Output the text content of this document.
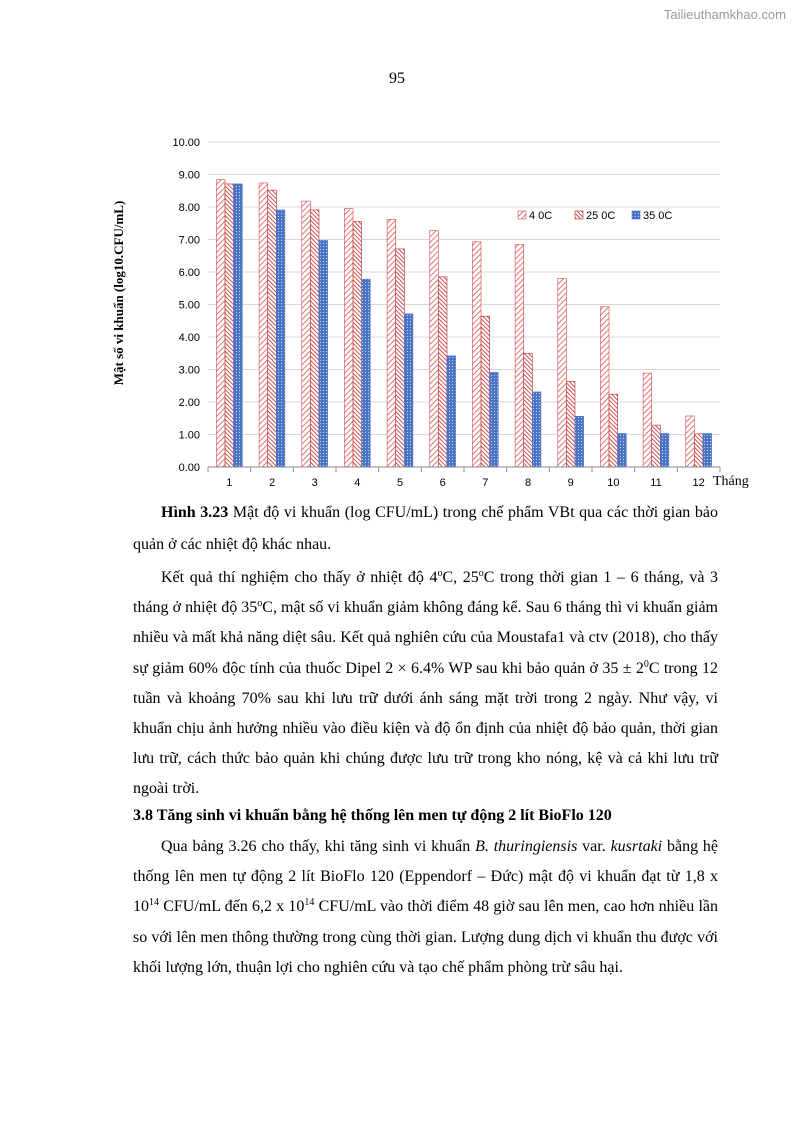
Tailieuthamkhao.com
95
0.00
1.00
2.00
3.00
4.00
5.00
6.00
7.00
8.00
9.00
10.00
1	2	3	4	5	6	7	8	9	10	11	12
Mật số vi khuẩn (log10.CFU/mL)
Tháng
4 0C	25 0C	35 0C
Hình 3.23 Mật độ vi khuẩn (log CFU/mL) trong chế phẩm VBt qua các thời gian bảo quản ở các nhiệt độ khác nhau.

Kết quả thí nghiệm cho thấy ở nhiệt độ 4$^o$C, 25$^o$C trong thời gian 1 – 6 tháng, và 3 tháng ở nhiệt độ 35$^o$C, mật số vi khuẩn giảm không đáng kể. Sau 6 tháng thì vi khuẩn giảm nhiều và mất khả năng diệt sâu. Kết quả nghiên cứu của Moustafa1 và ctv (2018), cho thấy sự giảm 60% độc tính của thuốc Dipel 2 × 6.4% WP sau khi bảo quản ở $35 \pm 2^0C$ trong 12 tuần và khoảng 70% sau khi lưu trữ dưới ánh sáng mặt trời trong 2 ngày. Như vậy, vi khuẩn chịu ảnh hưởng nhiều vào điều kiện và độ ổn định của nhiệt độ bảo quản, thời gian lưu trữ, cách thức bảo quản khi chúng được lưu trữ trong kho nóng, kệ và cả khi lưu trữ ngoài trời.

3.8 Tăng sinh vi khuẩn bằng hệ thống lên men tự động 2 lít BioFlo 120

Qua bảng 3.26 cho thấy, khi tăng sinh vi khuẩn B. thuringiensis var. kusrtaki bằng hệ thống lên men tự động 2 lít BioFlo 120 (Eppendorf – Đức) mật độ vi khuẩn đạt từ 1,8 x $10^{14}$ CFU/mL đến 6,2 x $10^{14}$ CFU/mL vào thời điểm 48 giờ sau lên men, cao hơn nhiều lần so với lên men thông thường trong cùng thời gian. Lượng dung dịch vi khuẩn thu được với khối lượng lớn, thuận lợi cho nghiên cứu và tạo chế phẩm phòng trừ sâu hại.
